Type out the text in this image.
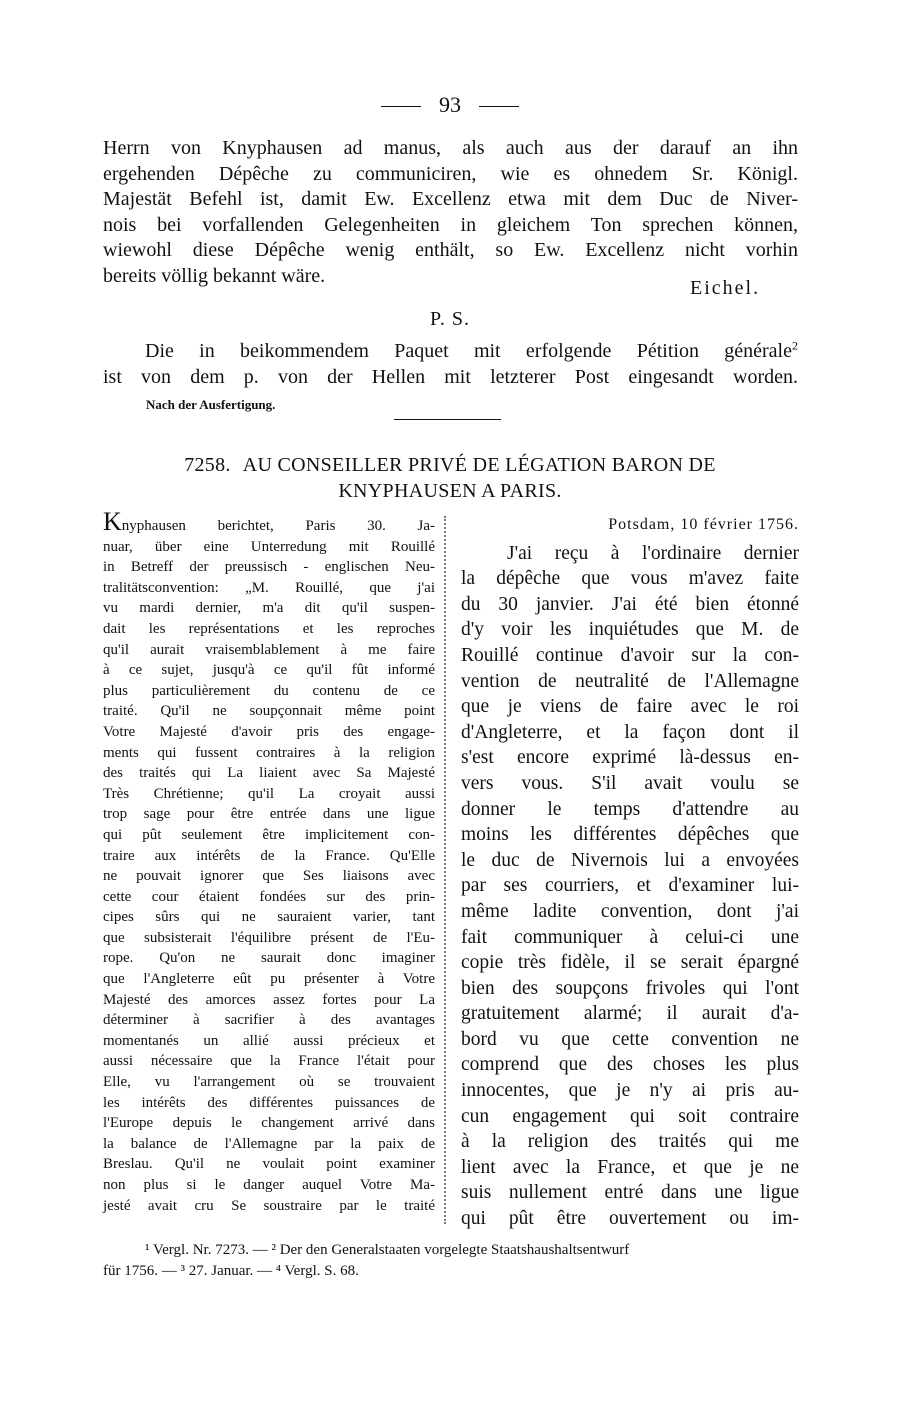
93
Herrn von Knyphausen ad manus, als auch aus der darauf an ihn
ergehenden Dépêche zu communiciren, wie es ohnedem Sr. Königl.
Majestät Befehl ist, damit Ew. Excellenz etwa mit dem Duc de Niver-
nois bei vorfallenden Gelegenheiten in gleichem Ton sprechen können,
wiewohl diese Dépêche wenig enthält, so Ew. Excellenz nicht vorhin
bereits völlig bekannt wäre.
Eichel.
P. S.
Die in beikommendem Paquet mit erfolgende Pétition générale$^2$
ist von dem p. von der Hellen mit letzterer Post eingesandt worden.
Nach der Ausfertigung.
7258. AU CONSEILLER PRIVÉ DE LÉGATION BARON DE
KNYPHAUSEN A PARIS.
Knyphausen berichtet, Paris 30. Ja-
nuar, über eine Unterredung mit Rouillé
in Betreff der preussisch - englischen Neu-
tralitätsconvention: „M. Rouillé, que j'ai
vu mardi dernier, m'a dit qu'il suspen-
dait les représentations et les reproches
qu'il aurait vraisemblablement à me faire
à ce sujet, jusqu'à ce qu'il fût informé
plus particulièrement du contenu de ce
traité. Qu'il ne soupçonnait même point
Votre Majesté d'avoir pris des engage-
ments qui fussent contraires à la religion
des traités qui La liaient avec Sa Majesté
Très Chrétienne; qu'il La croyait aussi
trop sage pour être entrée dans une ligue
qui pût seulement être implicitement con-
traire aux intérêts de la France. Qu'Elle
ne pouvait ignorer que Ses liaisons avec
cette cour étaient fondées sur des prin-
cipes sûrs qui ne sauraient varier, tant
que subsisterait l'équilibre présent de l'Eu-
rope. Qu'on ne saurait donc imaginer
que l'Angleterre eût pu présenter à Votre
Majesté des amorces assez fortes pour La
déterminer à sacrifier à des avantages
momentanés un allié aussi précieux et
aussi nécessaire que la France l'était pour
Elle, vu l'arrangement où se trouvaient
les intérêts des différentes puissances de
l'Europe depuis le changement arrivé dans
la balance de l'Allemagne par la paix de
Breslau. Qu'il ne voulait point examiner
non plus si le danger auquel Votre Ma-
jesté avait cru Se soustraire par le traité
Potsdam, 10 février 1756.
J'ai reçu à l'ordinaire dernier
la dépêche que vous m'avez faite
du 30 janvier. J'ai été bien étonné
d'y voir les inquiétudes que M. de
Rouillé continue d'avoir sur la con-
vention de neutralité de l'Allemagne
que je viens de faire avec le roi
d'Angleterre, et la façon dont il
s'est encore exprimé là-dessus en-
vers vous. S'il avait voulu se
donner le temps d'attendre au
moins les différentes dépêches que
le duc de Nivernois lui a envoyées
par ses courriers, et d'examiner lui-
même ladite convention, dont j'ai
fait communiquer à celui-ci une
copie très fidèle, il se serait épargné
bien des soupçons frivoles qui l'ont
gratuitement alarmé; il aurait d'a-
bord vu que cette convention ne
comprend que des choses les plus
innocentes, que je n'y ai pris au-
cun engagement qui soit contraire
à la religion des traités qui me
lient avec la France, et que je ne
suis nullement entré dans une ligue
qui pût être ouvertement ou im-
¹ Vergl. Nr. 7273. — ² Der den Generalstaaten vorgelegte Staatshaushaltsentwurf
für 1756. — ³ 27. Januar. — ⁴ Vergl. S. 68.
